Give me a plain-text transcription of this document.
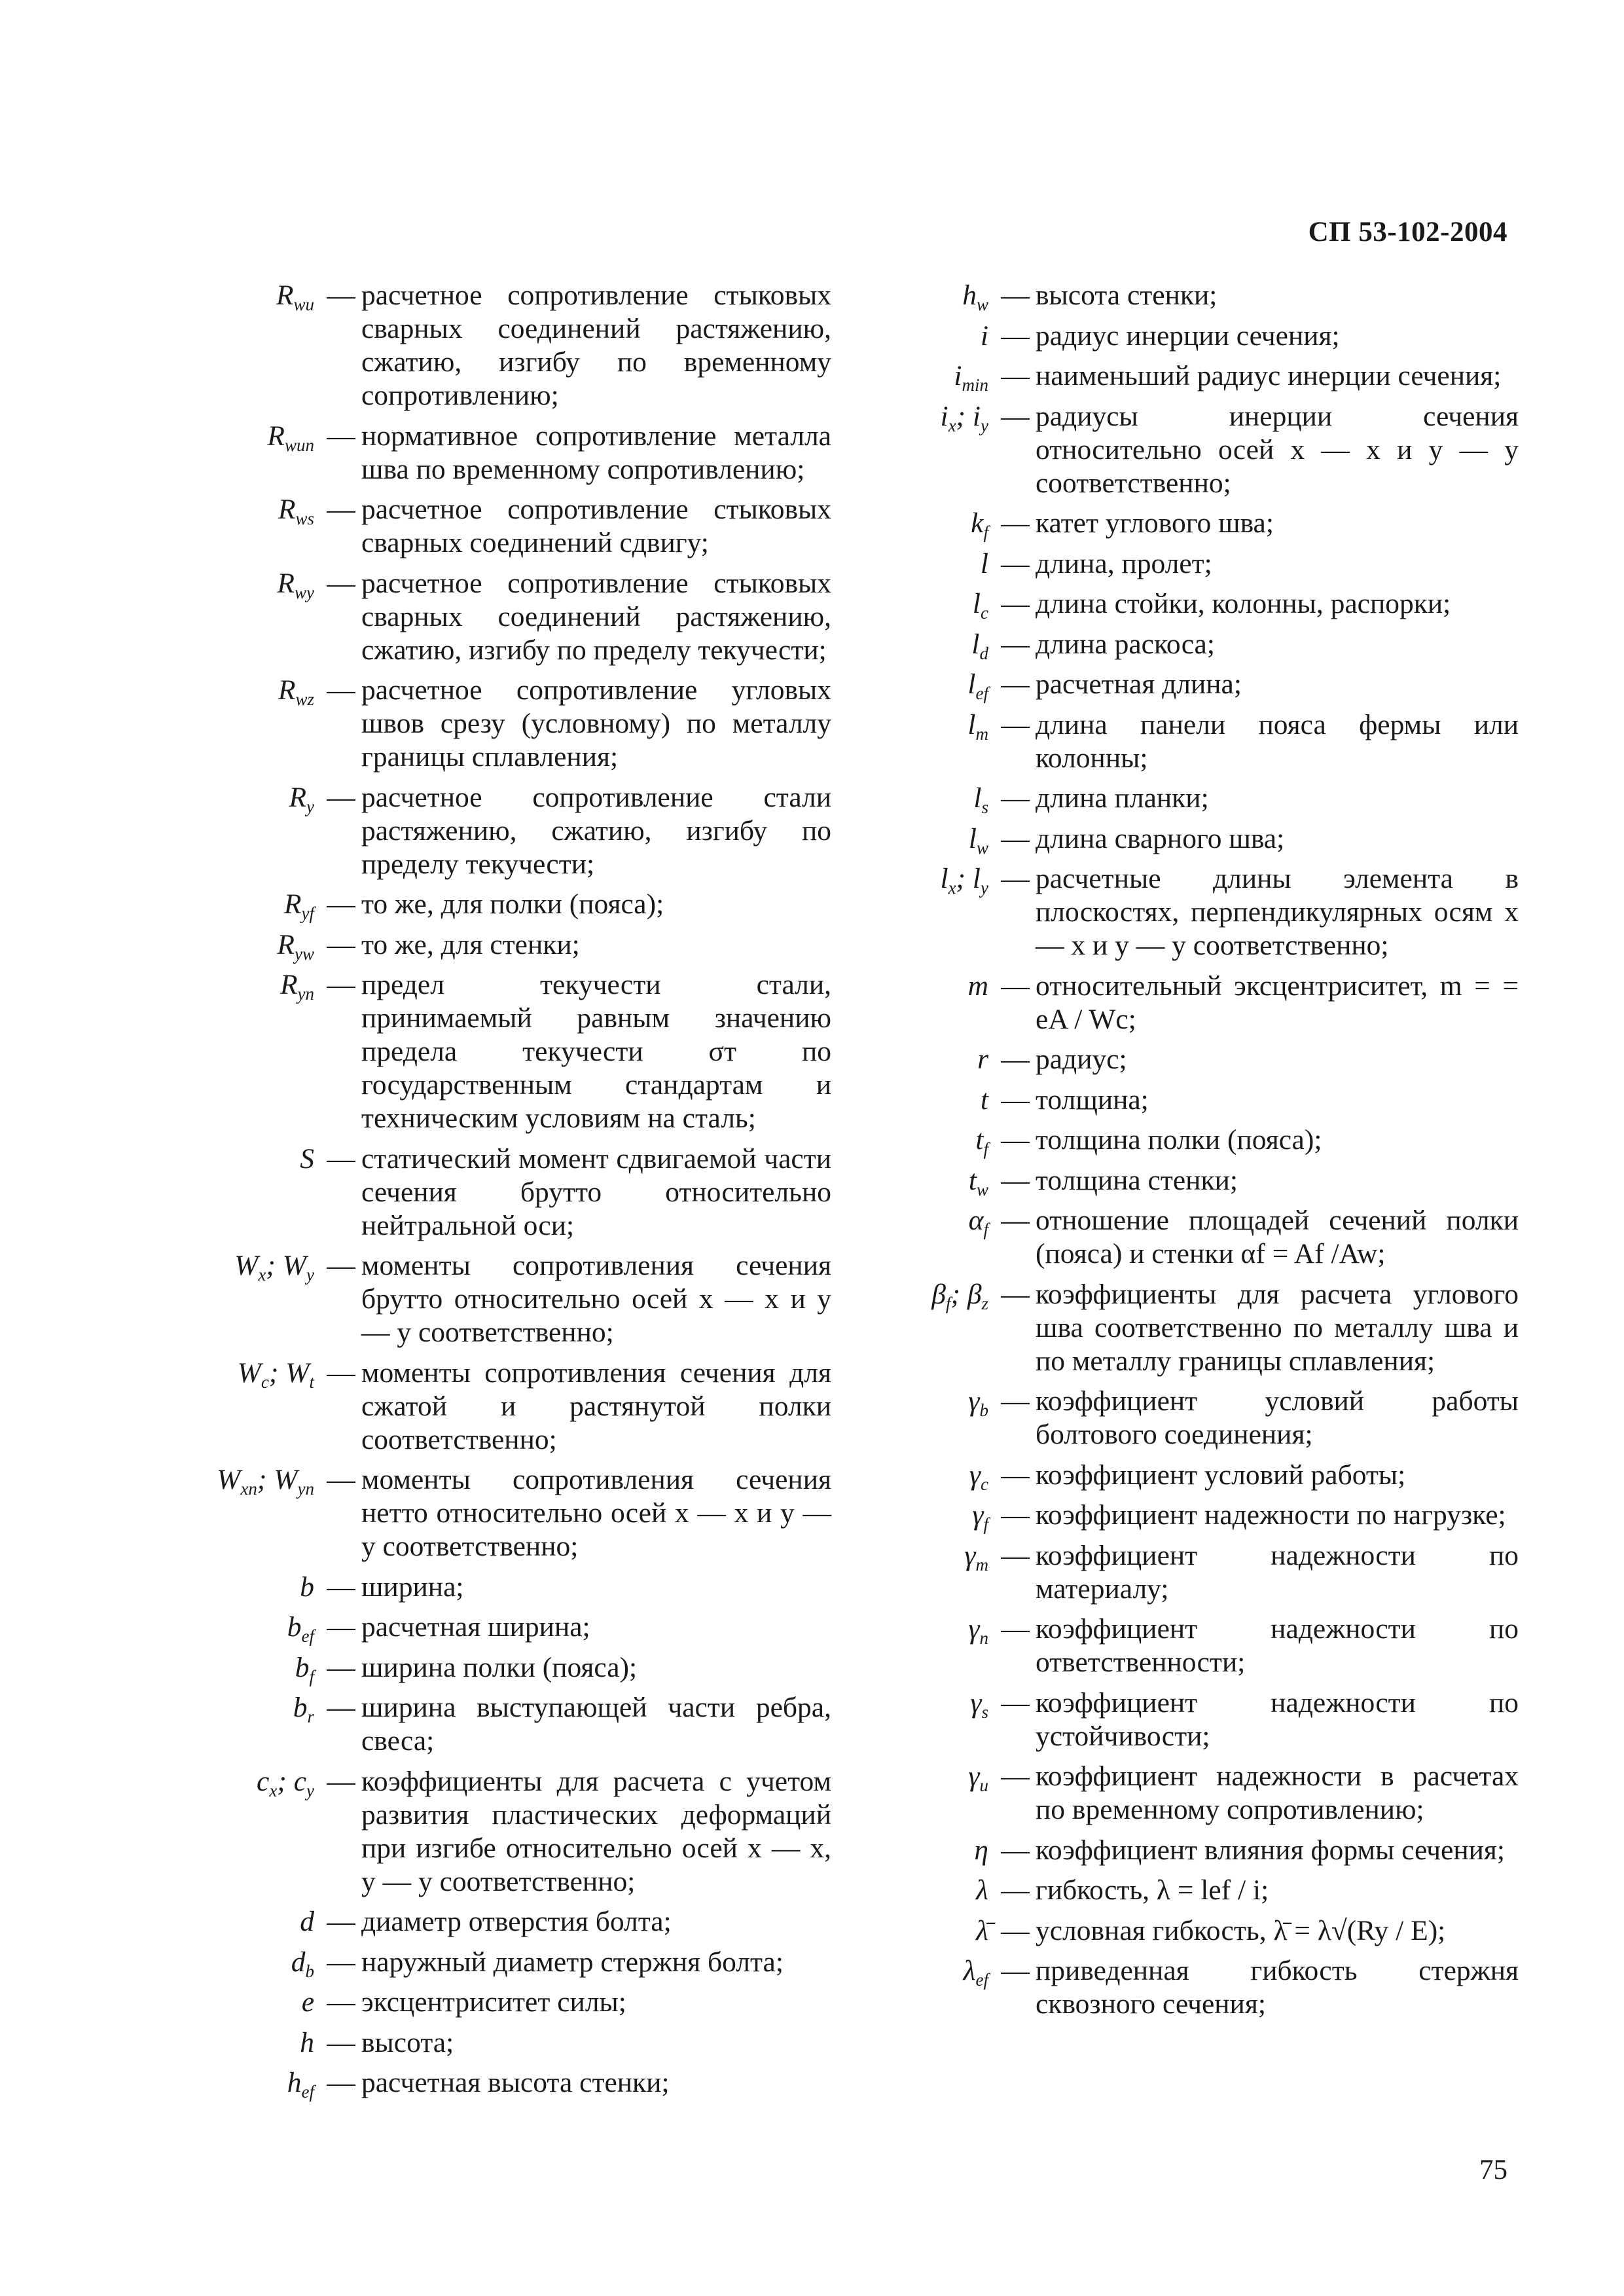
СП 53-102-2004
$R_{wu}$ — расчетное сопротивление стыковых сварных соединений растяжению, сжатию, изгибу по временному сопротивлению;
$R_{wun}$ — нормативное сопротивление металла шва по временному сопротивлению;
$R_{ws}$ — расчетное сопротивление стыковых сварных соединений сдвигу;
$R_{wy}$ — расчетное сопротивление стыковых сварных соединений растяжению, сжатию, изгибу по пределу текучести;
$R_{wz}$ — расчетное сопротивление угловых швов срезу (условному) по металлу границы сплавления;
$R_y$ — расчетное сопротивление стали растяжению, сжатию, изгибу по пределу текучести;
$R_{yf}$ — то же, для полки (пояса);
$R_{yw}$ — то же, для стенки;
$R_{yn}$ — предел текучести стали, принимаемый равным значению предела текучести σт по государственным стандартам и техническим условиям на сталь;
S — статический момент сдвигаемой части сечения брутто относительно нейтральной оси;
$W_x$; $W_y$ — моменты сопротивления сечения брутто относительно осей x — x и y — y соответственно;
$W_c$; $W_t$ — моменты сопротивления сечения для сжатой и растянутой полки соответственно;
$W_{xn}$; $W_{yn}$ — моменты сопротивления сечения нетто относительно осей x — x и y — y соответственно;
b — ширина;
$b_{ef}$ — расчетная ширина;
$b_f$ — ширина полки (пояса);
$b_r$ — ширина выступающей части ребра, свеса;
$c_x$; $c_y$ — коэффициенты для расчета с учетом развития пластических деформаций при изгибе относительно осей x — x, y — y соответственно;
d — диаметр отверстия болта;
$d_b$ — наружный диаметр стержня болта;
e — эксцентриситет силы;
h — высота;
$h_{ef}$ — расчетная высота стенки;
$h_w$ — высота стенки;
i — радиус инерции сечения;
$i_{min}$ — наименьший радиус инерции сечения;
$i_x$; $i_y$ — радиусы инерции сечения относительно осей x — x и y — y соответственно;
$k_f$ — катет углового шва;
l — длина, пролет;
$l_c$ — длина стойки, колонны, распорки;
$l_d$ — длина раскоса;
$l_{ef}$ — расчетная длина;
$l_m$ — длина панели пояса фермы или колонны;
$l_s$ — длина планки;
$l_w$ — длина сварного шва;
$l_x$; $l_y$ — расчетные длины элемента в плоскостях, перпендикулярных осям x — x и y — y соответственно;
m — относительный эксцентриситет, m = = eA / Wc;
r — радиус;
t — толщина;
$t_f$ — толщина полки (пояса);
$t_w$ — толщина стенки;
$\alpha_f$ — отношение площадей сечений полки (пояса) и стенки αf = Af /Aw;
$\beta_f$; $\beta_z$ — коэффициенты для расчета углового шва соответственно по металлу шва и по металлу границы сплавления;
$\gamma_b$ — коэффициент условий работы болтового соединения;
$\gamma_c$ — коэффициент условий работы;
$\gamma_f$ — коэффициент надежности по нагрузке;
$\gamma_m$ — коэффициент надежности по материалу;
$\gamma_n$ — коэффициент надежности по ответственности;
$\gamma_s$ — коэффициент надежности по устойчивости;
$\gamma_u$ — коэффициент надежности в расчетах по временному сопротивлению;
η — коэффициент влияния формы сечения;
λ — гибкость, λ = lef / i;
λ̄ — условная гибкость, λ̄ = λ√(Ry / E);
$\lambda_{ef}$ — приведенная гибкость стержня сквозного сечения;
75
